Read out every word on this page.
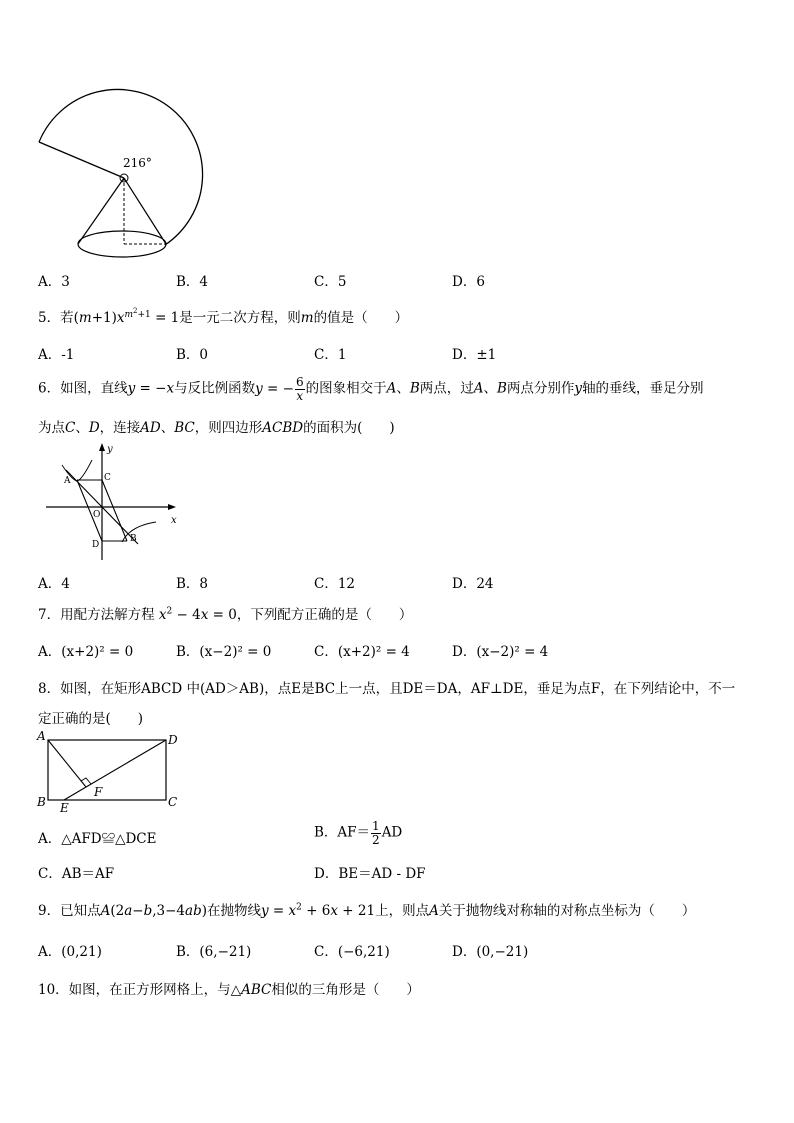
216°
A．3	B．4	C．5	D．6
5．若$(m+1)x^{m^2+1} = 1$是一元二次方程，则m的值是（　　）
A．-1	B．0	C．1	D．±1
6．如图，直线y = −x与反比例函数y = − $\frac{6}{x}$ 的图象相交于A、B两点，过A、B两点分别作y轴的垂线，垂足分别
为点C、D，连接AD、BC，则四边形ACBD的面积为(　　)
y
x
A	C
O
D
B
A．4	B．8	C．12	D．24
7．用配方法解方程 $x^2 - 4x = 0$，下列配方正确的是（　　）
A．(x+2)² = 0	B．(x−2)² = 0	C．(x+2)² = 4	D．(x−2)² = 4
8．如图，在矩形ABCD 中(AD＞AB)，点E是BC上一点，且DE＝DA，AF⊥DE，垂足为点F，在下列结论中，不一
定正确的是(　　)
A	D
B E
F
C
A．△AFD≌△DCE	B．$AF= \frac{1}{2}$ AD
C．AB＝AF	D．BE＝AD - DF
9．已知点A(2a−b,3−4ab)在抛物线$y = x^2 + 6x + 21$上，则点A关于抛物线对称轴的对称点坐标为（　　）
A．(0,21)	B．(6,−21)	C．(−6,21)	D．(0,−21)
10．如图，在正方形网格上，与△ABC相似的三角形是（　　）
